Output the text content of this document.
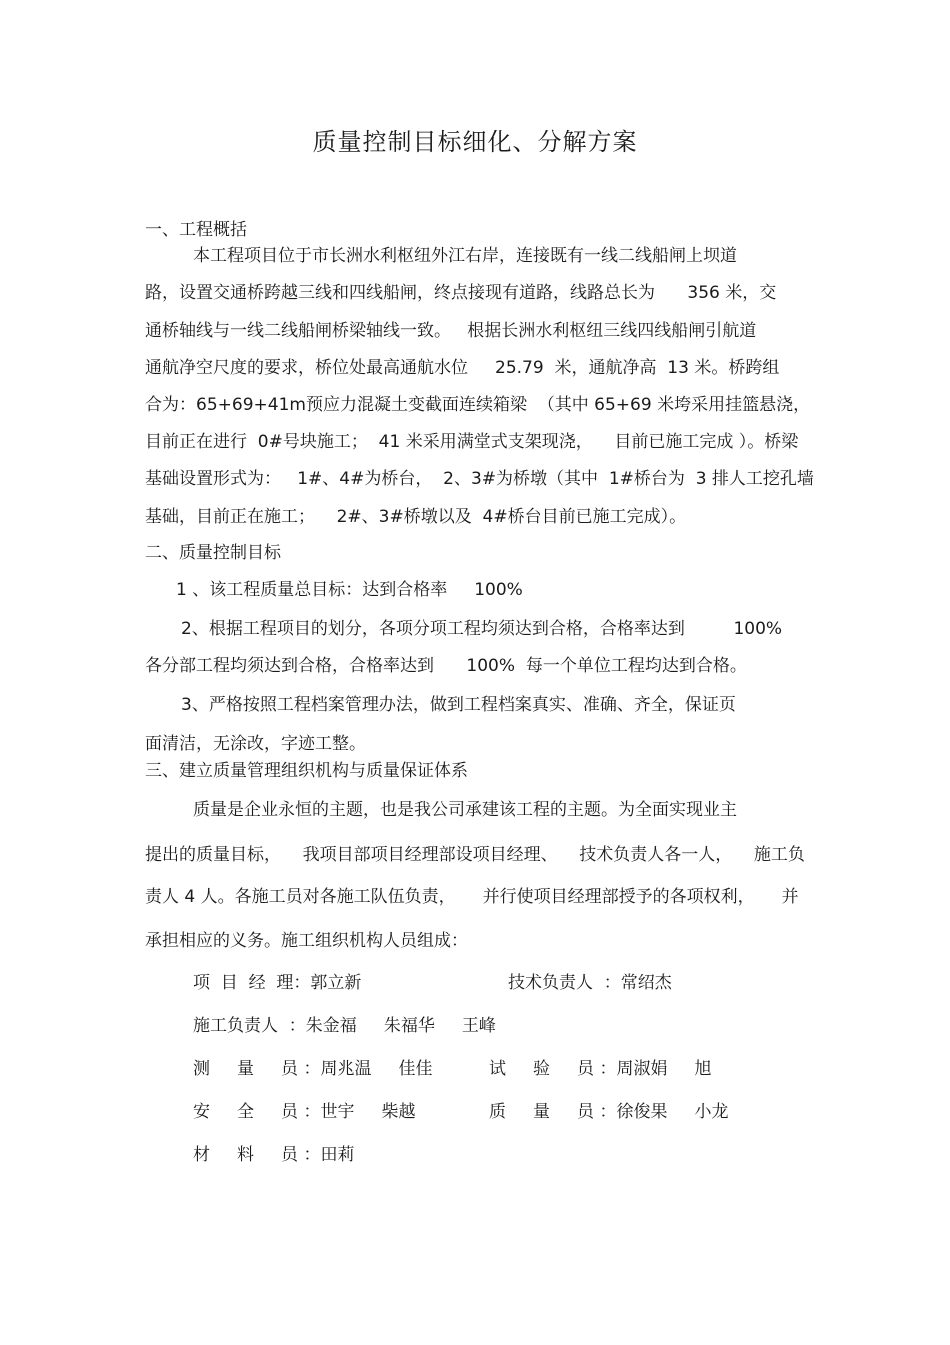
质量控制目标细化、分解方案
一、工程概括
本工程项目位于市长洲水利枢纽外江右岸，连接既有一线二线船闸上坝道
路，设置交通桥跨越三线和四线船闸，终点接现有道路，线路总长为      356 米，交
通桥轴线与一线二线船闸桥梁轴线一致。   根据长洲水利枢纽三线四线船闸引航道
通航净空尺度的要求，桥位处最高通航水位     25.79  米，通航净高  13 米。桥跨组
合为：65+69+41m预应力混凝土变截面连续箱梁  （其中 65+69 米垮采用挂篮悬浇，
目前正在进行  0#号块施工；  41 米采用满堂式支架现浇，    目前已施工完成 ）。桥梁
基础设置形式为：   1#、4#为桥台，  2、3#为桥墩（其中  1#桥台为  3 排人工挖孔墙
基础，目前正在施工；    2#、3#桥墩以及  4#桥台目前已施工完成）。
二、质量控制目标
1 、该工程质量总目标：达到合格率     100%
2、根据工程项目的划分，各项分项工程均须达到合格，合格率达到         100%
各分部工程均须达到合格，合格率达到      100%  每一个单位工程均达到合格。
3、严格按照工程档案管理办法，做到工程档案真实、准确、齐全，保证页
面清洁，无涂改，字迹工整。
三、建立质量管理组织机构与质量保证体系
质量是企业永恒的主题，也是我公司承建该工程的主题。为全面实现业主
提出的质量目标，    我项目部项目经理部设项目经理、    技术负责人各一人，    施工负
责人 4 人。各施工员对各施工队伍负责，     并行使项目经理部授予的各项权利，     并
承担相应的义务。施工组织机构人员组成：
项  目  经  理：郭立新	技术负责人  ：常绍杰
施工负责人  ：朱金福     朱福华     王峰
测     量     员 ：周兆温     佳佳	试     验     员 ：周淑娟     旭
安     全     员 ：世宇     柴越	质     量     员 ：徐俊果     小龙
材     料     员 ：田莉
